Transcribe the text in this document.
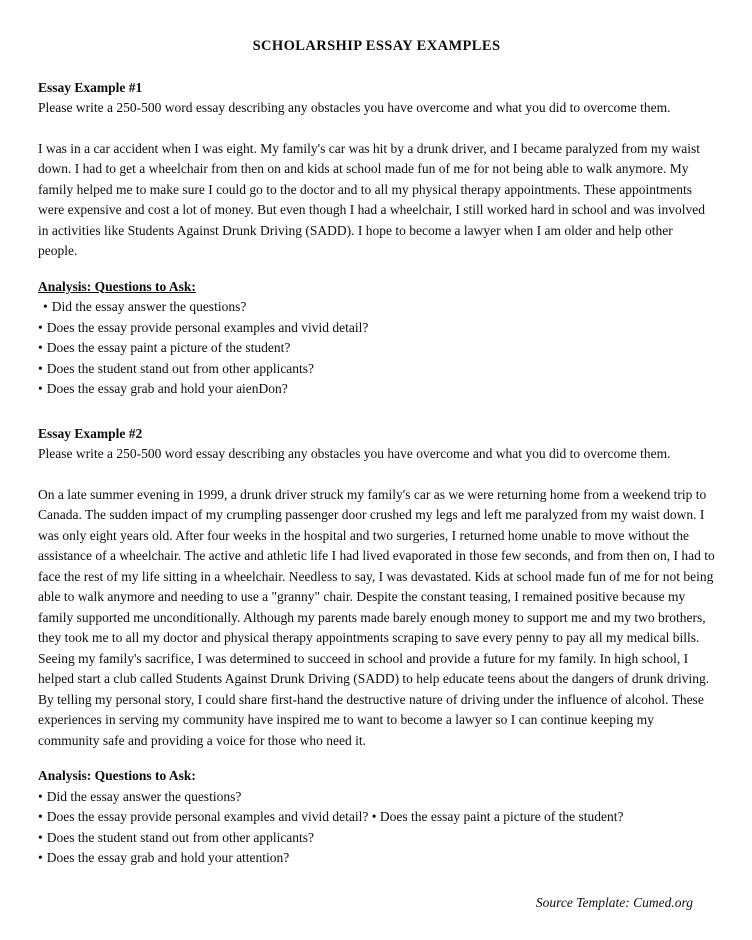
SCHOLARSHIP ESSAY EXAMPLES
Essay Example #1
Please write a 250-500 word essay describing any obstacles you have overcome and what you did to overcome them.
I was in a car accident when I was eight. My family's car was hit by a drunk driver, and I became paralyzed from my waist down. I had to get a wheelchair from then on and kids at school made fun of me for not being able to walk anymore. My family helped me to make sure I could go to the doctor and to all my physical therapy appointments. These appointments were expensive and cost a lot of money. But even though I had a wheelchair, I still worked hard in school and was involved in activities like Students Against Drunk Driving (SADD). I hope to become a lawyer when I am older and help other people.
Analysis: Questions to Ask:
• Did the essay answer the questions?
• Does the essay provide personal examples and vivid detail?
• Does the essay paint a picture of the student?
• Does the student stand out from other applicants?
• Does the essay grab and hold your aienDon?
Essay Example #2
Please write a 250-500 word essay describing any obstacles you have overcome and what you did to overcome them.
On a late summer evening in 1999, a drunk driver struck my family's car as we were returning home from a weekend trip to Canada. The sudden impact of my crumpling passenger door crushed my legs and left me paralyzed from my waist down. I was only eight years old. After four weeks in the hospital and two surgeries, I returned home unable to move without the assistance of a wheelchair. The active and athletic life I had lived evaporated in those few seconds, and from then on, I had to face the rest of my life sitting in a wheelchair. Needless to say, I was devastated. Kids at school made fun of me for not being able to walk anymore and needing to use a "granny" chair. Despite the constant teasing, I remained positive because my family supported me unconditionally. Although my parents made barely enough money to support me and my two brothers, they took me to all my doctor and physical therapy appointments scraping to save every penny to pay all my medical bills. Seeing my family's sacrifice, I was determined to succeed in school and provide a future for my family. In high school, I helped start a club called Students Against Drunk Driving (SADD) to help educate teens about the dangers of drunk driving. By telling my personal story, I could share first-hand the destructive nature of driving under the influence of alcohol. These experiences in serving my community have inspired me to want to become a lawyer so I can continue keeping my community safe and providing a voice for those who need it.
Analysis: Questions to Ask:
• Did the essay answer the questions?
• Does the essay provide personal examples and vivid detail? • Does the essay paint a picture of the student?
• Does the student stand out from other applicants?
• Does the essay grab and hold your attention?
Source Template: Cumed.org
